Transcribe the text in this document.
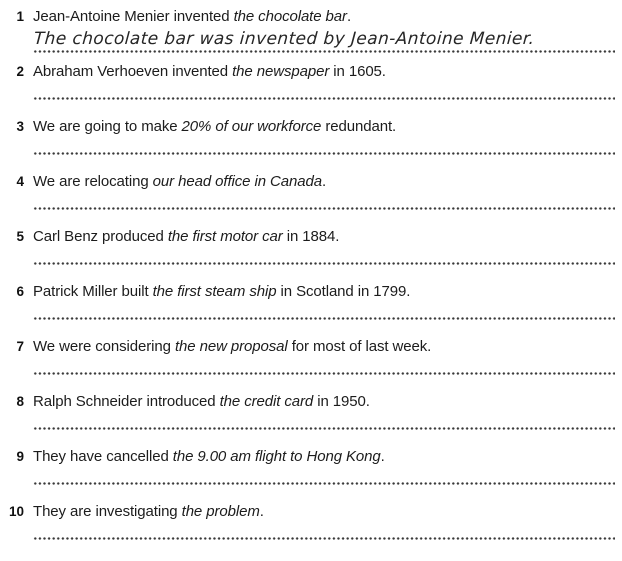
1 Jean-Antoine Menier invented the chocolate bar.
The chocolate bar was invented by Jean-Antoine Menier.
2 Abraham Verhoeven invented the newspaper in 1605.
3 We are going to make 20% of our workforce redundant.
4 We are relocating our head office in Canada.
5 Carl Benz produced the first motor car in 1884.
6 Patrick Miller built the first steam ship in Scotland in 1799.
7 We were considering the new proposal for most of last week.
8 Ralph Schneider introduced the credit card in 1950.
9 They have cancelled the 9.00 am flight to Hong Kong.
10 They are investigating the problem.
